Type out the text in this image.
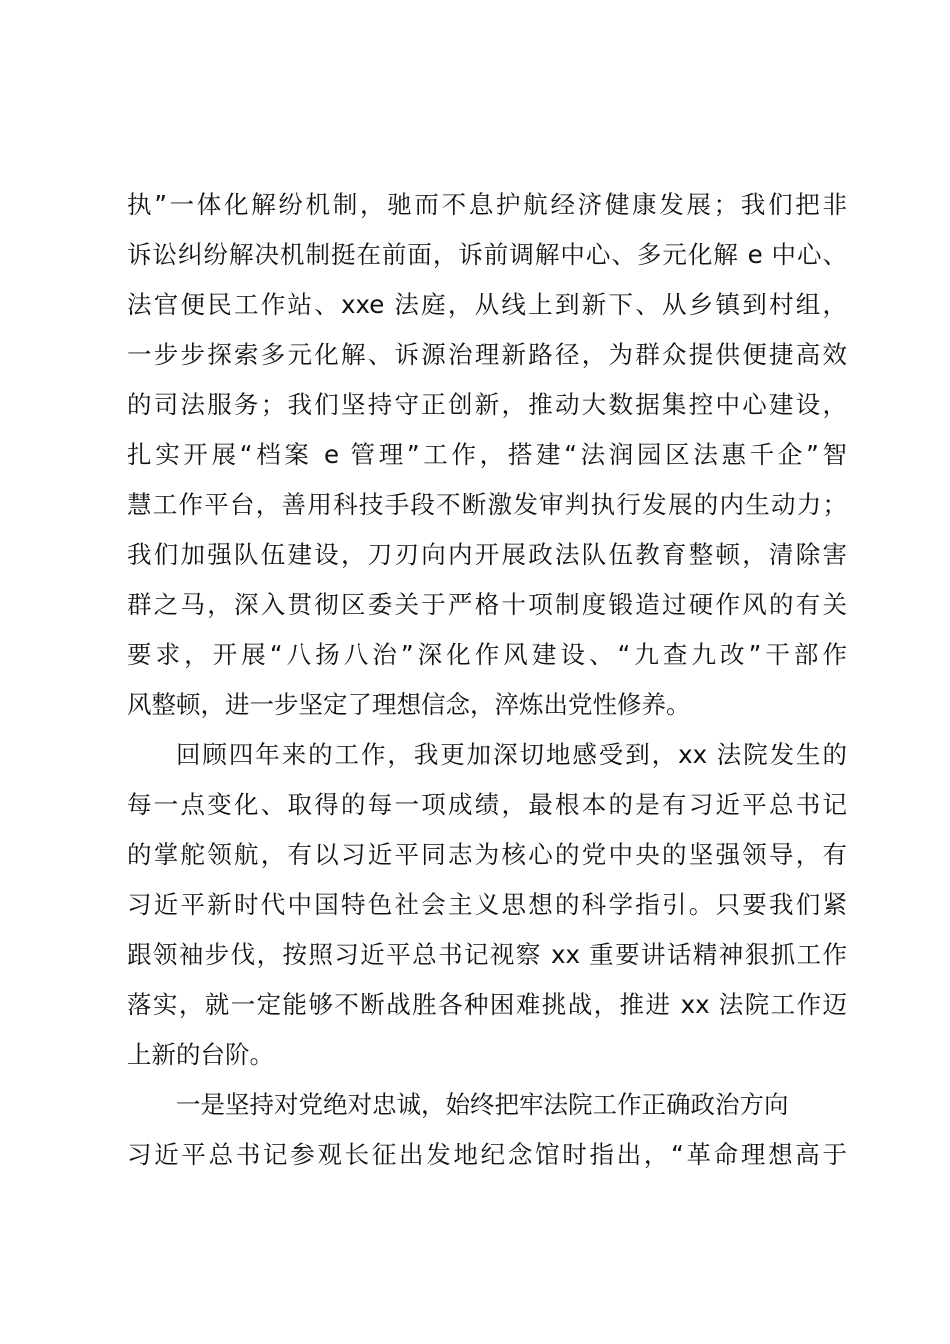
执”一体化解纷机制，驰而不息护航经济健康发展；我们把非
诉讼纠纷解决机制挺在前面，诉前调解中心、多元化解 e 中心、
法官便民工作站、xxe 法庭，从线上到新下、从乡镇到村组，
一步步探索多元化解、诉源治理新路径，为群众提供便捷高效
的司法服务；我们坚持守正创新，推动大数据集控中心建设，
扎实开展“档案 e 管理”工作，搭建“法润园区法惠千企”智
慧工作平台，善用科技手段不断激发审判执行发展的内生动力；
我们加强队伍建设，刀刃向内开展政法队伍教育整顿，清除害
群之马，深入贯彻区委关于严格十项制度锻造过硬作风的有关
要求，开展“八扬八治”深化作风建设、“九查九改”干部作
风整顿，进一步坚定了理想信念，淬炼出党性修养。

回顾四年来的工作，我更加深切地感受到，xx 法院发生的
每一点变化、取得的每一项成绩，最根本的是有习近平总书记
的掌舵领航，有以习近平同志为核心的党中央的坚强领导，有
习近平新时代中国特色社会主义思想的科学指引。只要我们紧
跟领袖步伐，按照习近平总书记视察 xx 重要讲话精神狠抓工作
落实，就一定能够不断战胜各种困难挑战，推进 xx 法院工作迈
上新的台阶。

一是坚持对党绝对忠诚，始终把牢法院工作正确政治方向
习近平总书记参观长征出发地纪念馆时指出，“革命理想高于
